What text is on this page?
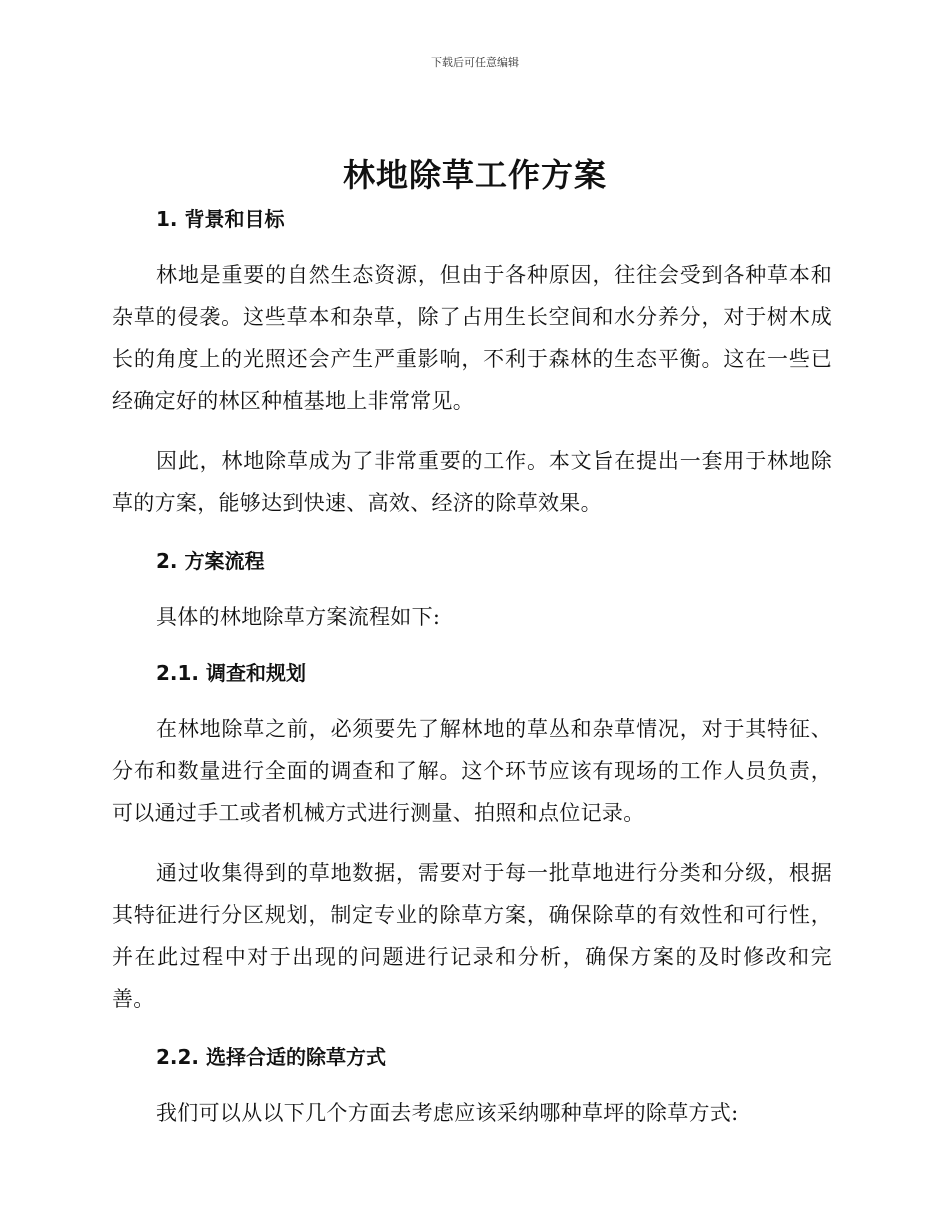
下载后可任意编辑
林地除草工作方案
1. 背景和目标

林地是重要的自然生态资源，但由于各种原因，往往会受到各种草本和杂草的侵袭。这些草本和杂草，除了占用生长空间和水分养分，对于树木成长的角度上的光照还会产生严重影响，不利于森林的生态平衡。这在一些已经确定好的林区种植基地上非常常见。

因此，林地除草成为了非常重要的工作。本文旨在提出一套用于林地除草的方案，能够达到快速、高效、经济的除草效果。

2. 方案流程

具体的林地除草方案流程如下:

2.1. 调查和规划

在林地除草之前，必须要先了解林地的草丛和杂草情况，对于其特征、分布和数量进行全面的调查和了解。这个环节应该有现场的工作人员负责，可以通过手工或者机械方式进行测量、拍照和点位记录。

通过收集得到的草地数据，需要对于每一批草地进行分类和分级，根据其特征进行分区规划，制定专业的除草方案，确保除草的有效性和可行性，并在此过程中对于出现的问题进行记录和分析，确保方案的及时修改和完善。

2.2. 选择合适的除草方式

我们可以从以下几个方面去考虑应该采纳哪种草坪的除草方式:
